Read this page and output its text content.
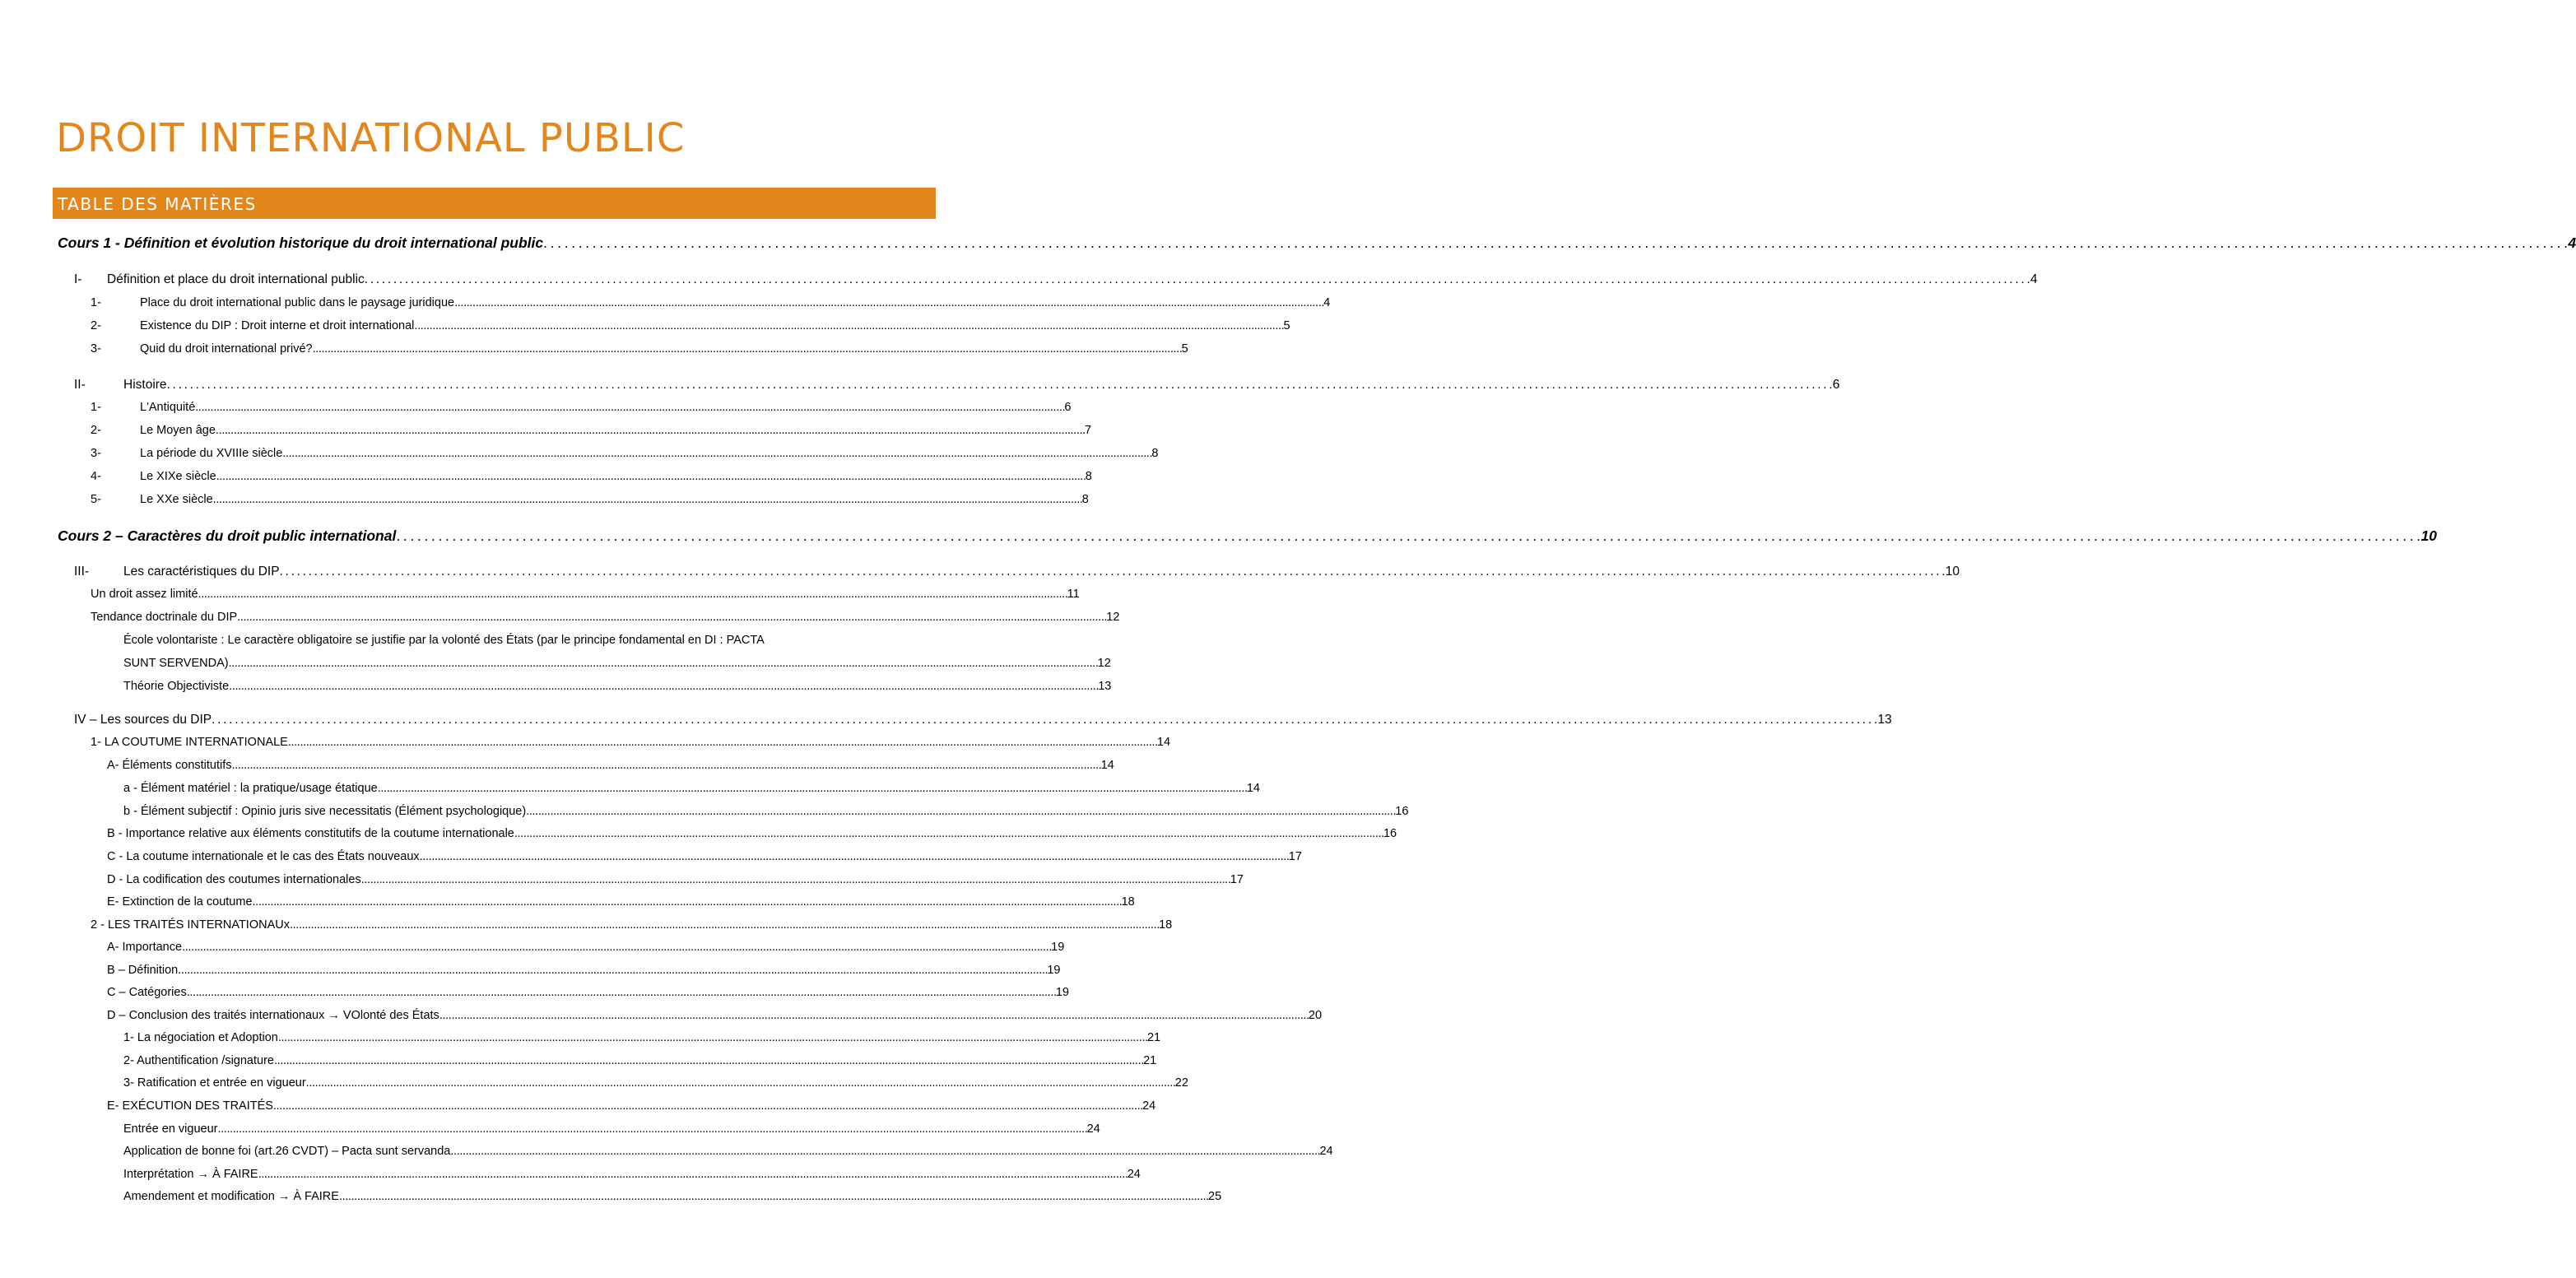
DROIT INTERNATIONAL PUBLIC
TABLE DES MATIÈRES
Cours 1 - Définition et évolution historique du droit international public . . .	4
I-	Définition et place du droit international public . . .	4
1-	Place du droit international public dans le paysage juridique . . .	4
2-	Existence du DIP : Droit interne et droit international . . .	5
3-	Quid du droit international privé? . . .	5
II-	Histoire . . .	6
1-	L'Antiquité . . .	6
2-	Le Moyen âge . . .	7
3-	La période du XVIIIe siècle . . .	8
4-	Le XIXe siècle . . .	8
5-	Le XXe siècle . . .	8
Cours 2 – Caractères du droit public international . . .	10
III-	Les caractéristiques du DIP . . .	10
Un droit assez limité . . .	11
Tendance doctrinale du DIP . . .	12
École volontariste : Le caractère obligatoire se justifie par la volonté des États (par le principe fondamental en DI : PACTA
SUNT SERVENDA) . . .	12
Théorie Objectiviste . . .	13
IV – Les sources du DIP . . .	13
1- LA COUTUME INTERNATIONALE . . .	14
A- Éléments constitutifs . . .	14
a - Élément matériel : la pratique/usage étatique . . .	14
b - Élément subjectif : Opinio juris sive necessitatis (Élément psychologique) . . .	16
B - Importance relative aux éléments constitutifs de la coutume internationale . . .	16
C - La coutume internationale et le cas des États nouveaux . . .	17
D - La codification des coutumes internationales . . .	17
E- Extinction de la coutume . . .	18
2 - LES TRAITÉS INTERNATIONAUx . . .	18
A- Importance . . .	19
B – Définition . . .	19
C – Catégories . . .	19
D – Conclusion des traités internationaux → VOlonté des États . . .	20
1- La négociation et Adoption . . .	21
2- Authentification /signature . . .	21
3- Ratification et entrée en vigueur . . .	22
E- EXÉCUTION DES TRAITÉS . . .	24
Entrée en vigueur . . .	24
Application de bonne foi (art.26 CVDT) – Pacta sunt servanda . . .	24
Interprétation → À FAIRE . . .	24
Amendement et modification → À FAIRE . . .	25
